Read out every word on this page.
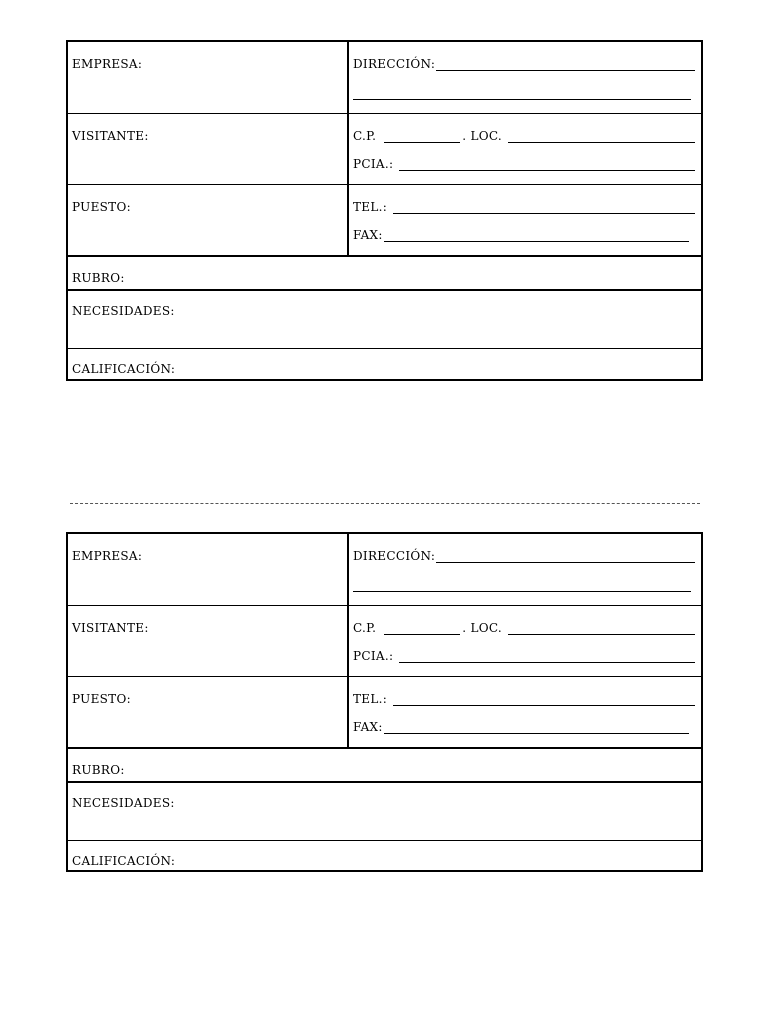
EMPRESA:	DIRECCIÓN:
VISITANTE:	C.P.	. LOC.
PCIA.:
PUESTO:	TEL.:
FAX:
RUBRO:
NECESIDADES:
CALIFICACIÓN:
EMPRESA:	DIRECCIÓN:
VISITANTE:	C.P.	. LOC.
PCIA.:
PUESTO:	TEL.:
FAX:
RUBRO:
NECESIDADES:
CALIFICACIÓN:
